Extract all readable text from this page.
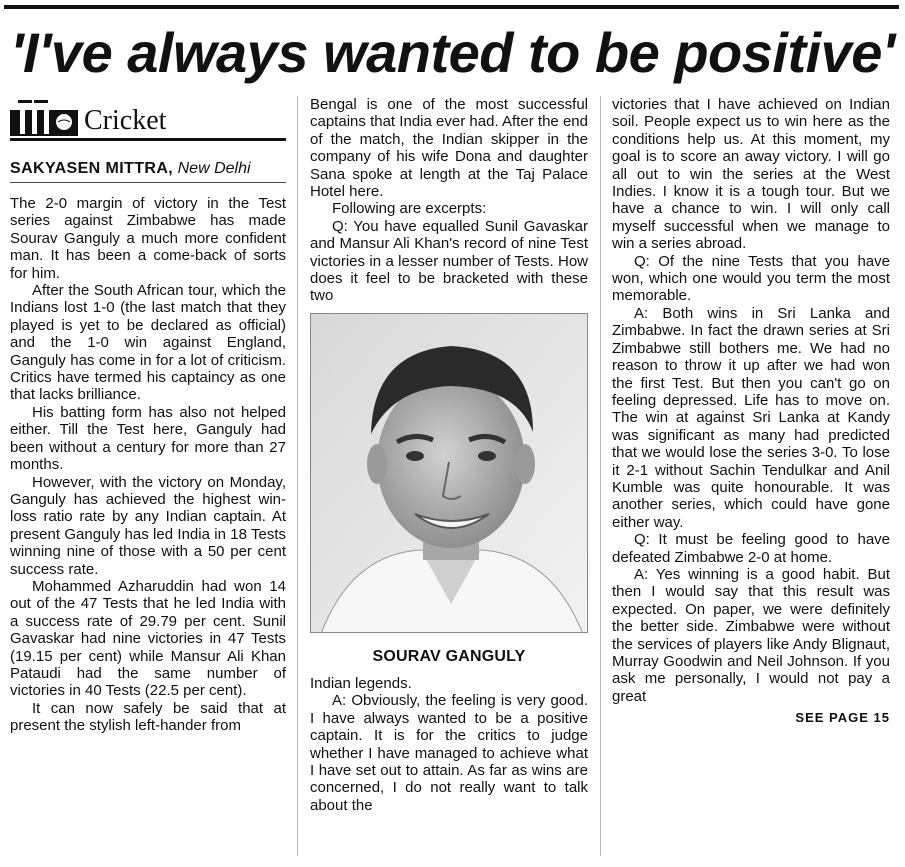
'I've always wanted to be positive'
Cricket
SAKYASEN MITTRA, New Delhi

The 2-0 margin of victory in the Test series against Zimbabwe has made Sourav Ganguly a much more confident man. It has been a come-back of sorts for him.

After the South African tour, which the Indians lost 1-0 (the last match that they played is yet to be declared as official) and the 1-0 win against England, Ganguly has come in for a lot of criticism. Critics have termed his captaincy as one that lacks brilliance.

His batting form has also not helped either. Till the Test here, Ganguly had been without a century for more than 27 months.

However, with the victory on Monday, Ganguly has achieved the highest win-loss ratio rate by any Indian captain. At present Ganguly has led India in 18 Tests winning nine of those with a 50 per cent success rate.

Mohammed Azharuddin had won 14 out of the 47 Tests that he led India with a success rate of 29.79 per cent. Sunil Gavaskar had nine victories in 47 Tests (19.15 per cent) while Mansur Ali Khan Pataudi had the same number of victories in 40 Tests (22.5 per cent).

It can now safely be said that at present the stylish left-hander from

Bengal is one of the most successful captains that India ever had. After the end of the match, the Indian skipper in the company of his wife Dona and daughter Sana spoke at length at the Taj Palace Hotel here.

Following are excerpts:

Q: You have equalled Sunil Gavaskar and Mansur Ali Khan's record of nine Test victories in a lesser number of Tests. How does it feel to be bracketed with these two

SOURAV GANGULY

Indian legends.

A: Obviously, the feeling is very good. I have always wanted to be a positive captain. It is for the critics to judge whether I have managed to achieve what I have set out to attain. As far as wins are concerned, I do not really want to talk about the

victories that I have achieved on Indian soil. People expect us to win here as the conditions help us. At this moment, my goal is to score an away victory. I will go all out to win the series at the West Indies. I know it is a tough tour. But we have a chance to win. I will only call myself successful when we manage to win a series abroad.

Q: Of the nine Tests that you have won, which one would you term the most memorable.

A: Both wins in Sri Lanka and Zimbabwe. In fact the drawn series at Sri Zimbabwe still bothers me. We had no reason to throw it up after we had won the first Test. But then you can't go on feeling depressed. Life has to move on. The win at against Sri Lanka at Kandy was significant as many had predicted that we would lose the series 3-0. To lose it 2-1 without Sachin Tendulkar and Anil Kumble was quite honourable. It was another series, which could have gone either way.

Q: It must be feeling good to have defeated Zimbabwe 2-0 at home.

A: Yes winning is a good habit. But then I would say that this result was expected. On paper, we were definitely the better side. Zimbabwe were without the services of players like Andy Blignaut, Murray Goodwin and Neil Johnson. If you ask me personally, I would not pay a great

SEE PAGE 15
